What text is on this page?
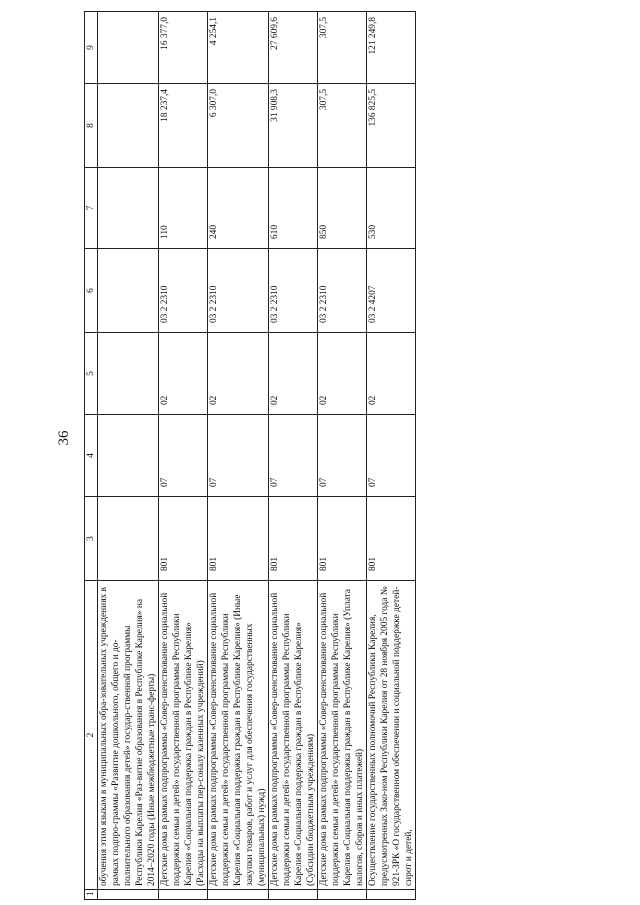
36
1	2	3	4	5	6	7	8	9
	обучения этим языкам в муниципальных обра-зовательных учреждениях в рамках подпро-граммы «Развитие дошкольного, общего и до-полнительного образования детей» государ-ственной программы Республики Карелия «Раз-витие образования в Республике Карелия» на 2014–2020 годы (Иные межбюджетные транс-ферты)							
	Детские дома в рамках подпрограммы «Совер-шенствование социальной поддержки семьи и детей» государственной программы Республики Карелия «Социальная поддержка граждан в Республике Карелия» (Расходы на выплаты пер-соналу казенных учреждений)	801	07	02	03 2 2310	110	18 237,4	16 377,0
	Детские дома в рамках подпрограммы «Совер-шенствование социальной поддержки семьи и детей» государственной программы Республики Карелия «Социальная поддержка граждан в Республике Карелия» (Иные закупки товаров, работ и услуг для обеспечения государственных (муниципальных) нужд)	801	07	02	03 2 2310	240	6 307,0	4 254,1
	Детские дома в рамках подпрограммы «Совер-шенствование социальной поддержки семьи и детей» государственной программы Республики Карелия «Социальная поддержка граждан в Республике Карелия» (Субсидии бюджетным учреждениям)	801	07	02	03 2 2310	610	31 908,3	27 609,6
	Детские дома в рамках подпрограммы «Совер-шенствование социальной поддержки семьи и детей» государственной программы Республики Карелия «Социальная поддержка граждан в Республике Карелия» (Уплата налогов, сборов и иных платежей)	801	07	02	03 2 2310	850	307,5	307,5
	Осуществление государственных полномочий Республики Карелия, предусмотренных Зако-ном Республики Карелия от 28 ноября 2005 года № 921-ЗРК «О государственном обеспечении и социальной поддержке детей-сирот и детей,	801	07	02	03 2 4207	530	136 825,5	121 249,8
